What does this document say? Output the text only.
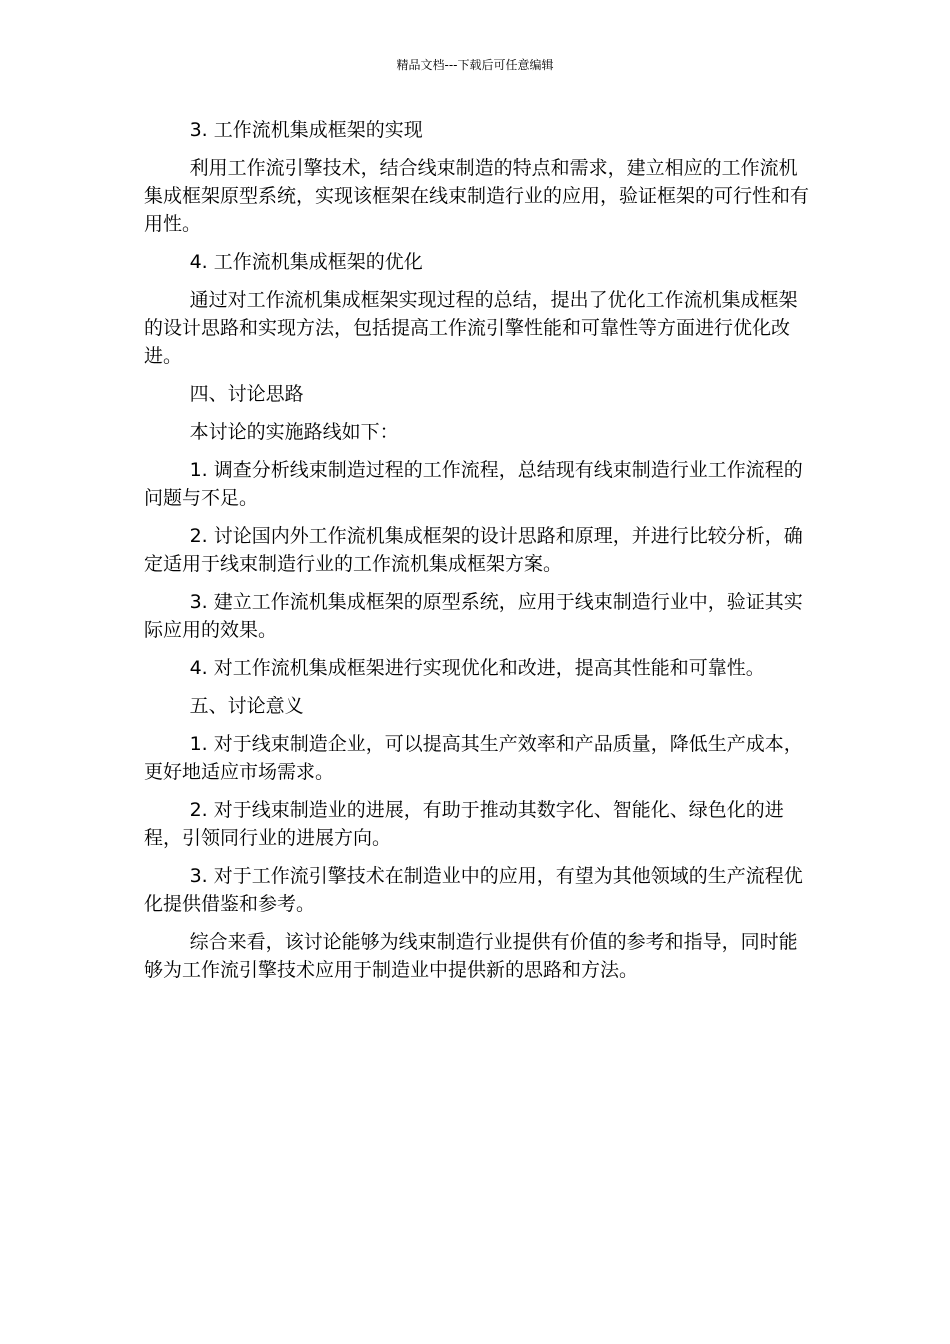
精品文档---下载后可任意编辑

3. 工作流机集成框架的实现

利用工作流引擎技术，结合线束制造的特点和需求，建立相应的工作流机集成框架原型系统，实现该框架在线束制造行业的应用，验证框架的可行性和有用性。

4. 工作流机集成框架的优化

通过对工作流机集成框架实现过程的总结，提出了优化工作流机集成框架的设计思路和实现方法，包括提高工作流引擎性能和可靠性等方面进行优化改进。

四、讨论思路

本讨论的实施路线如下：

1. 调查分析线束制造过程的工作流程，总结现有线束制造行业工作流程的问题与不足。

2. 讨论国内外工作流机集成框架的设计思路和原理，并进行比较分析，确定适用于线束制造行业的工作流机集成框架方案。

3. 建立工作流机集成框架的原型系统，应用于线束制造行业中，验证其实际应用的效果。

4. 对工作流机集成框架进行实现优化和改进，提高其性能和可靠性。

五、讨论意义

1. 对于线束制造企业，可以提高其生产效率和产品质量，降低生产成本，更好地适应市场需求。

2. 对于线束制造业的进展，有助于推动其数字化、智能化、绿色化的进程，引领同行业的进展方向。

3. 对于工作流引擎技术在制造业中的应用，有望为其他领域的生产流程优化提供借鉴和参考。

综合来看，该讨论能够为线束制造行业提供有价值的参考和指导，同时能够为工作流引擎技术应用于制造业中提供新的思路和方法。
